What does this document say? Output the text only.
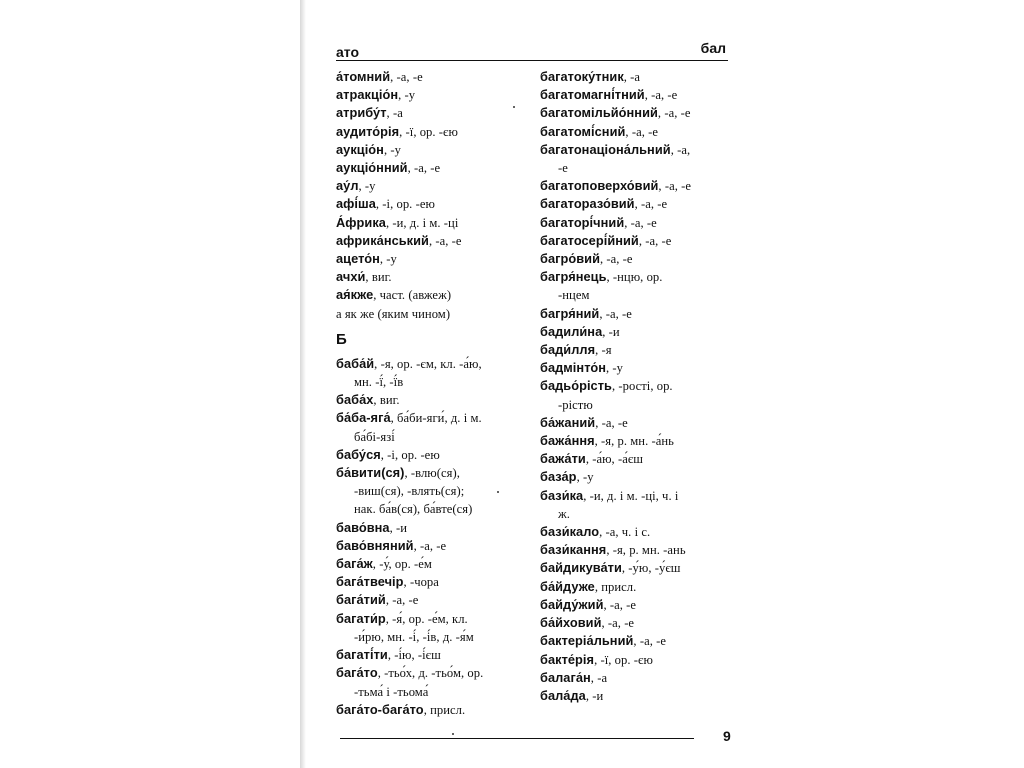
ато	бал
а́томний, -а, -е
атракціо́н, -у
атрибу́т, -а
аудито́рія, -ї, ор. -єю
аукціо́н, -у
аукціо́нний, -а, -е
ау́л, -у
афі́ша, -і, ор. -ею
А́фрика, -и, д. і м. -ці
африка́нський, -а, -е
ацето́н, -у
ачхи́, виг.
ая́кже, част. (авжеж)
а як же (яким чином)
Б
баба́й, -я, ор. -єм, кл. -а́ю,
мн. -ї́, -ї́в
баба́х, виг.
ба́ба-яга́, ба́би-яги́, д. і м.
ба́бі-язі́
бабу́ся, -і, ор. -ею
ба́вити(ся), -влю(ся),
-виш(ся), -влять(ся);
нак. ба́в(ся), ба́вте(ся)
баво́вна, -и
баво́вняний, -а, -е
бага́ж, -у́, ор. -е́м
бага́твечір, -чора
бага́тий, -а, -е
багати́р, -я́, ор. -е́м, кл.
-и́рю, мн. -і́, -і́в, д. -я́м
багаті́ти, -і́ю, -і́єш
бага́то, -тьо́х, д. -тьо́м, ор.
-тьма́ і -тьома́
бага́то-бага́то, присл.
багатоку́тник, -а
багатомагні́тний, -а, -е
багатомільйо́нний, -а, -е
багатомі́сний, -а, -е
багатонаціона́льний, -а,
-е
багатоповерхо́вий, -а, -е
багаторазо́вий, -а, -е
багаторі́чний, -а, -е
багатосері́йний, -а, -е
багро́вий, -а, -е
багря́нець, -нцю, ор.
-нцем
багря́ний, -а, -е
бадили́на, -и
бади́лля, -я
бадмінто́н, -у
бадьо́рість, -рості, ор.
-рістю
ба́жаний, -а, -е
бажа́ння, -я, р. мн. -а́нь
бажа́ти, -а́ю, -а́єш
база́р, -у
бази́ка, -и, д. і м. -ці, ч. і
ж.
бази́кало, -а, ч. і с.
бази́кання, -я, р. мн. -ань
байдикува́ти, -у́ю, -у́єш
ба́йдуже, присл.
байду́жий, -а, -е
ба́йховий, -а, -е
бактеріа́льний, -а, -е
бакте́рія, -ї, ор. -єю
балага́н, -а
бала́да, -и
9
